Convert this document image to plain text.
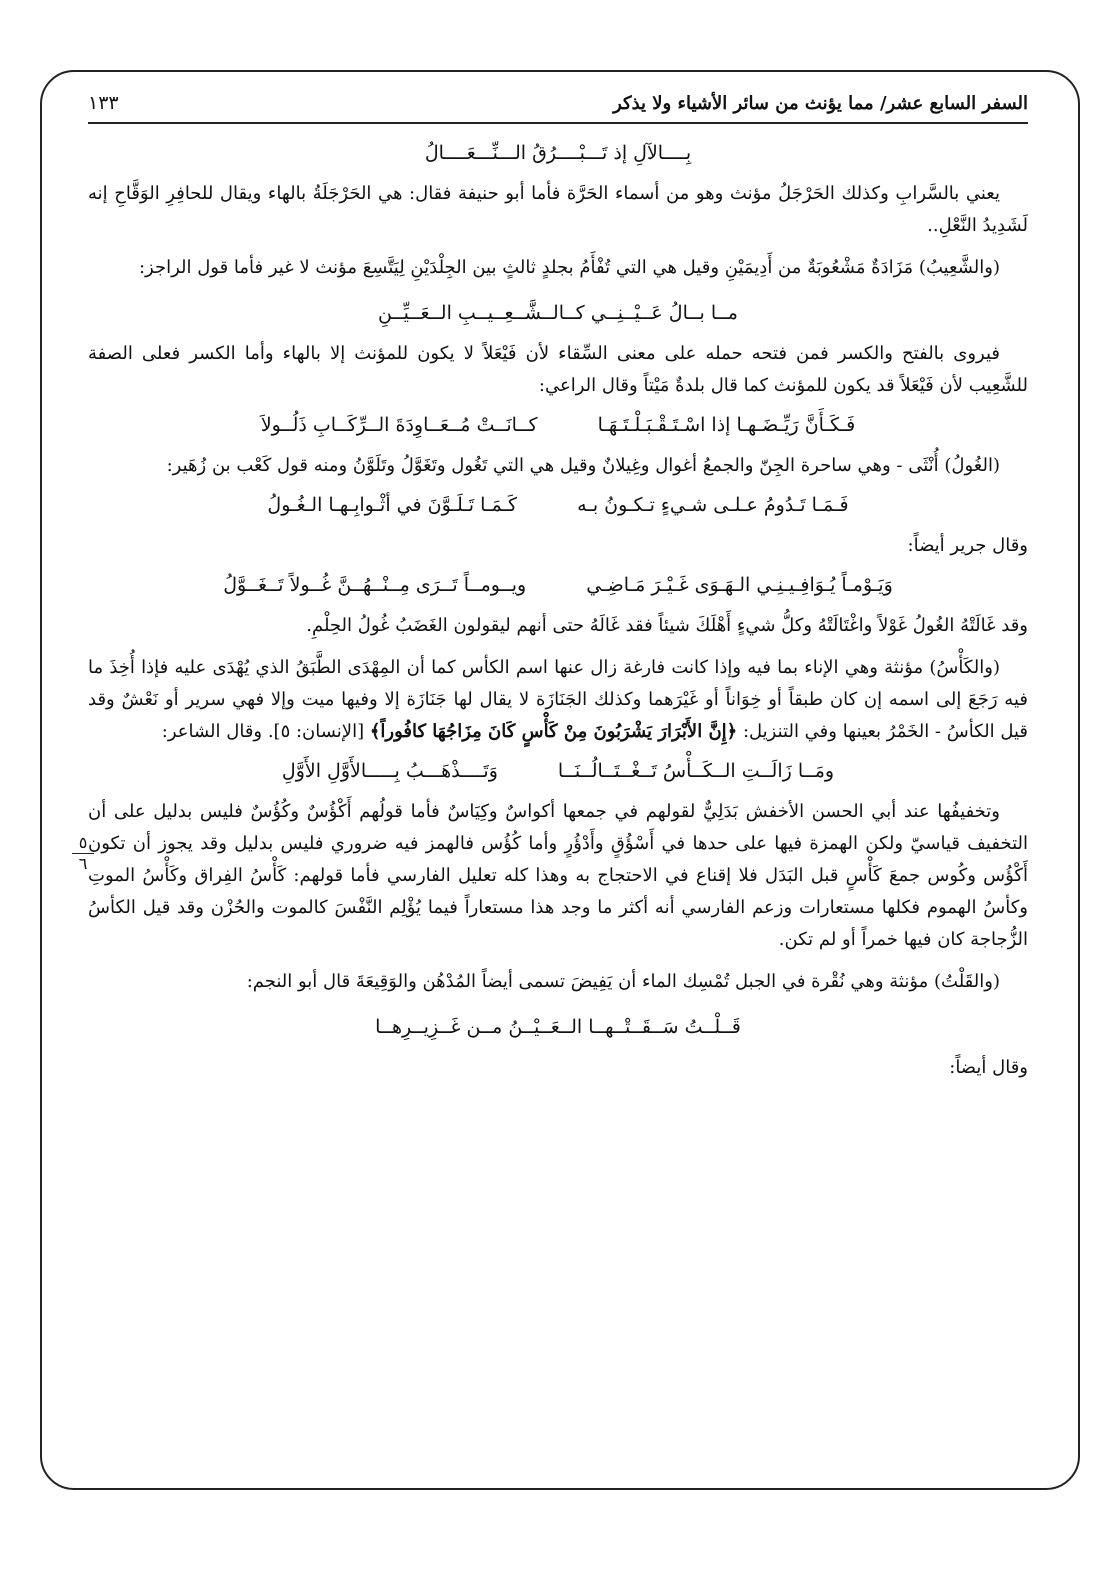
٥
٦
السفر السابع عشر/ مما يؤنث من سائر الأشياء ولا يذكر
١٣٣
بِــــالآلِ إذ تَـــبْــــرُقُ الـــنِّـــعَــــالُ

يعني بالسَّرابِ وكذلك الحَرْجَلُ مؤنث وهو من أسماء الحَرَّة فأما أبو حنيفة فقال: هي الحَرْجَلَةُ بالهاء ويقال للحافِرِ الوَقَّاحِ إنه لَشَدِيدُ النَّعْلِ..

(والشَّعِيبُ) مَزَادَةٌ مَشْعُوبَةٌ من أَدِيمَيْنِ وقيل هي التي تُفْأَمُ بجلدٍ ثالثٍ بين الجِلْدَيْنِ لِيَتَّسِعَ مؤنث لا غير فأما قول الراجز:

مــا بــالُ عَــيْــنِــي كــالــشَّــعِــيــبِ الــعَــيِّــنِ

فيروى بالفتح والكسر فمن فتحه حمله على معنى السِّقاء لأن فَيْعَلاً لا يكون للمؤنث إلا بالهاء وأما الكسر فعلى الصفة للشَّعِيب لأن فَيْعَلاً قد يكون للمؤنث كما قال بلدةٌ مَيْتاً وقال الراعي:

فَـكَـأَنَّ رَيِّـضَـهـا إذا اسْـتَـقْـبَـلْـتَـهَـا
كــانَــتْ مُــعَــاوِدَةَ الــرِّكَــابِ ذَلُــولاَ

(الغُولُ) أُنْثَى - وهي ساحرة الجِنّ والجمعُ أغوال وغِيلانٌ وقيل هي التي تَغُول وتَغَوَّلُ وتَلَوَّنُ ومنه قول كَعْب بن زُهَير:

فَـمَـا تَـدُومُ عـلـى شـيءٍ تـكـونُ بـه
كَـمَـا تَـلَـوَّنَ في أثْـوابِـهـا الـغُـولُ

وقال جرير أيضاً:

وَيَـوْمـاً يُـوَافِـيـنِـي الـهَـوَى غَـيْـرَ مَـاضِـي
ويــومــاً تَــرَى مِــنْــهُــنَّ غُــولاً تَــغَــوَّلُ

وقد غَالَتْهُ الغُولُ غَوْلاً واغْتَالَتْهُ وكلُّ شيءٍ أَهْلَكَ شيئاً فقد غَالَهُ حتى أنهم ليقولون الغَضَبُ غُولُ الحِلْمِ.

(والكَأْسُ) مؤنثة وهي الإناء بما فيه وإذا كانت فارغة زال عنها اسم الكأس كما أن المِهْدَى الطَّبَقُ الذي يُهْدَى عليه فإذا أُخِذَ ما فيه رَجَعَ إلى اسمه إن كان طبقاً أو خِوَاناً أو غَيْرَهما وكذلك الجَنَازَة لا يقال لها جَنَازَة إلا وفيها ميت وإلا فهي سرير أو نَعْشٌ وقد قيل الكأسُ - الخَمْرُ بعينها وفي التنزيل: ﴿إِنَّ الأَبْرَارَ يَشْرَبُونَ مِنْ كَأْسٍ كَانَ مِزَاجُهَا كافُوراً﴾ [الإنسان: ٥]. وقال الشاعر:

ومَــا زَالَــتِ الــكَــأْسُ تَــغْــتَــالُــنَــا
وَتَــــذْهَـــبُ بِـــــالأَوَّلِ الأَوَّلِ

وتخفيفُها عند أبي الحسن الأخفش بَدَلِيٌّ لقولهم في جمعها أكواسٌ وكِيَاسٌ فأما قولُهم أَكْؤُسٌ وكُؤُسٌ فليس بدليل على أن التخفيف قياسيّ ولكن الهمزة فيها على حدها في أَسْؤُقٍ وأَدْؤُرٍ وأما كُؤُس فالهمز فيه ضروري فليس بدليل وقد يجوز أن تكون أَكْؤُس وكُوس جمعَ كَأْسٍ قبل البَدَل فلا إقناع في الاحتجاج به وهذا كله تعليل الفارسي فأما قولهم: كَأْسُ الفِراق وكَأْسُ الموتِ وكأسُ الهموم فكلها مستعارات وزعم الفارسي أنه أكثر ما وجد هذا مستعاراً فيما يُؤْلِم النَّفْسَ كالموت والحُزْن وقد قيل الكأسُ الزُّجاجة كان فيها خمراً أو لم تكن.

(والقَلْتُ) مؤنثة وهي نُقْرة في الجبل تُمْسِك الماء أن يَفِيضَ تسمى أيضاً المُدْهُن والوَقِيعَةَ قال أبو النجم:

قَــلْــتُ سَــقَــتْــهــا الــعَــيْــنُ مــن غَــزِيــرِهــا

وقال أيضاً:
